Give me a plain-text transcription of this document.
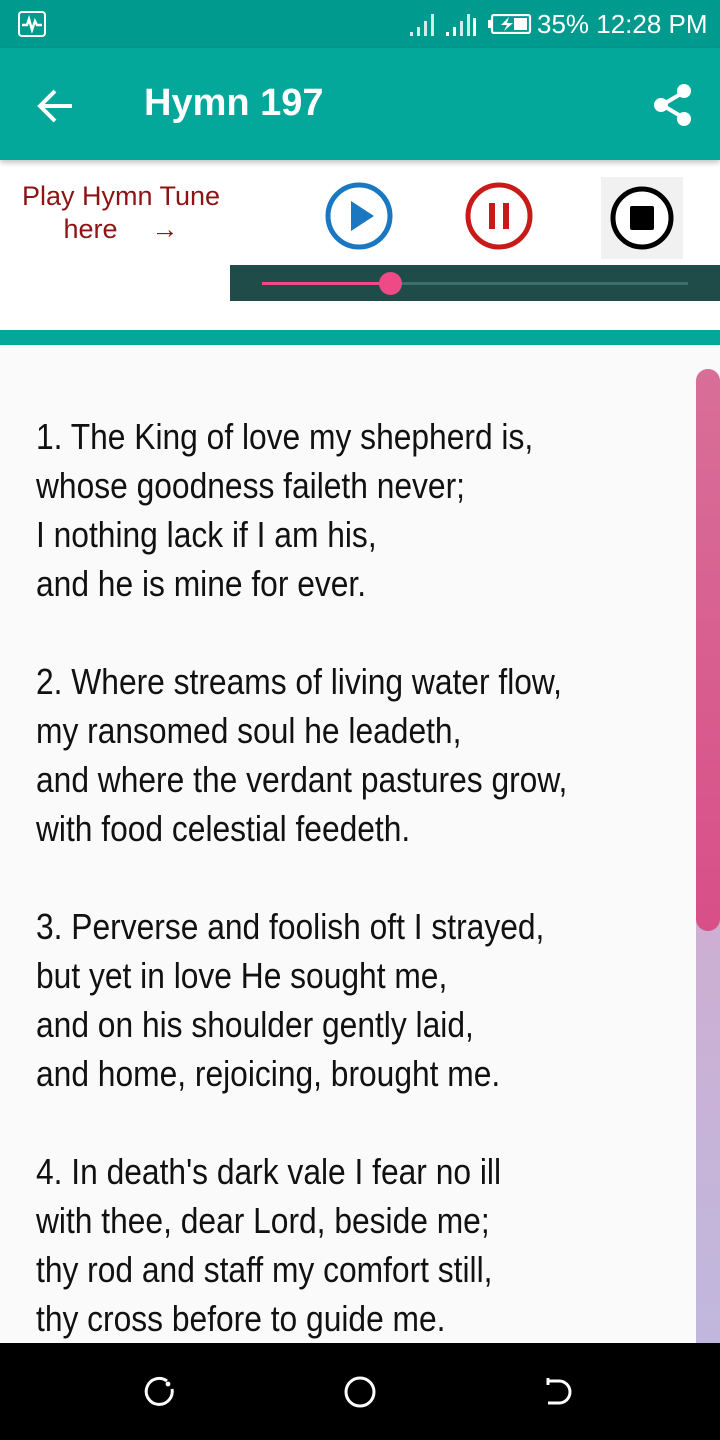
35% 12:28 PM
Hymn 197
Play Hymn Tune
here →
1. The King of love my shepherd is,
whose goodness faileth never;
I nothing lack if I am his,
and he is mine for ever.
2. Where streams of living water flow,
my ransomed soul he leadeth,
and where the verdant pastures grow,
with food celestial feedeth.
3. Perverse and foolish oft I strayed,
but yet in love He sought me,
and on his shoulder gently laid,
and home, rejoicing, brought me.
4. In death's dark vale I fear no ill
with thee, dear Lord, beside me;
thy rod and staff my comfort still,
thy cross before to guide me.
